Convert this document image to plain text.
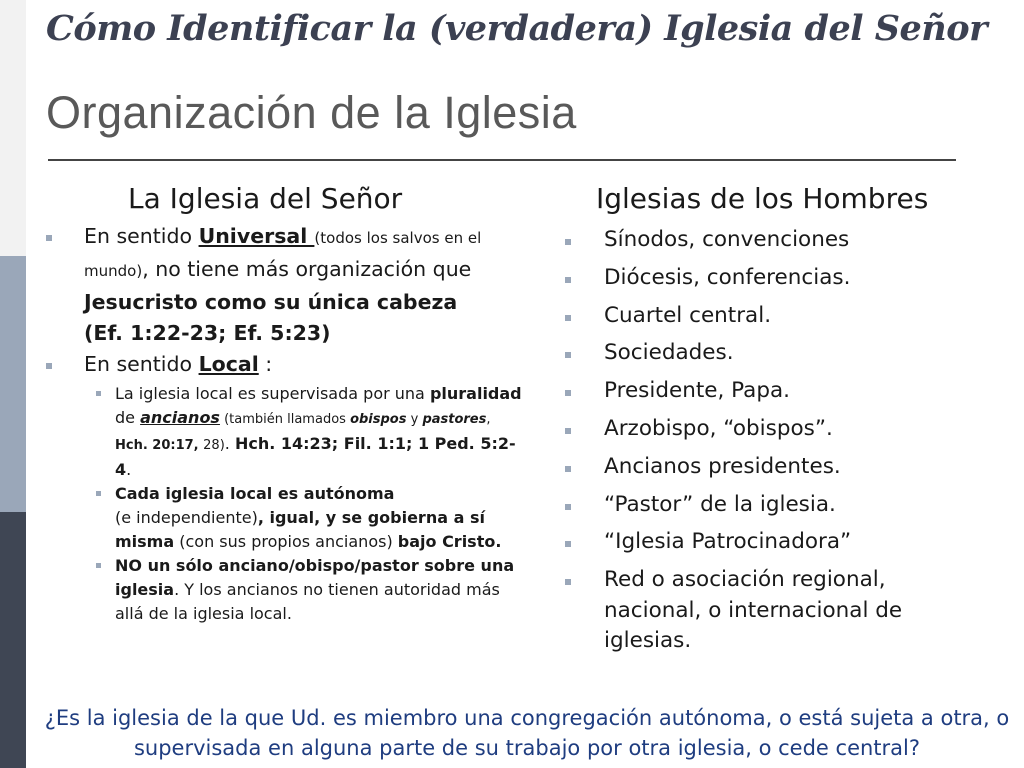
Cómo Identificar la (verdadera) Iglesia del Señor
Organización de la Iglesia
La Iglesia del Señor	Iglesias de los Hombres
En sentido Universal (todos los salvos en el mundo), no tiene más organización que Jesucristo como su única cabeza
(Ef. 1:22-23; Ef. 5:23)
En sentido Local :
La iglesia local es supervisada por una pluralidad de ancianos (también llamados obispos y pastores, Hch. 20:17, 28). Hch. 14:23; Fil. 1:1; 1 Ped. 5:2-4.
Cada iglesia local es autónoma
(e independiente), igual, y se gobierna a sí misma (con sus propios ancianos) bajo Cristo.
NO un sólo anciano/obispo/pastor sobre una iglesia. Y los ancianos no tienen autoridad más allá de la iglesia local.
Sínodos, convenciones
Diócesis, conferencias.
Cuartel central.
Sociedades.
Presidente, Papa.
Arzobispo, “obispos”.
Ancianos presidentes.
“Pastor” de la iglesia.
“Iglesia Patrocinadora”
Red o asociación regional, nacional, o internacional de iglesias.
¿Es la iglesia de la que Ud. es miembro una congregación autónoma, o está sujeta a otra, o supervisada en alguna parte de su trabajo por otra iglesia, o cede central?
